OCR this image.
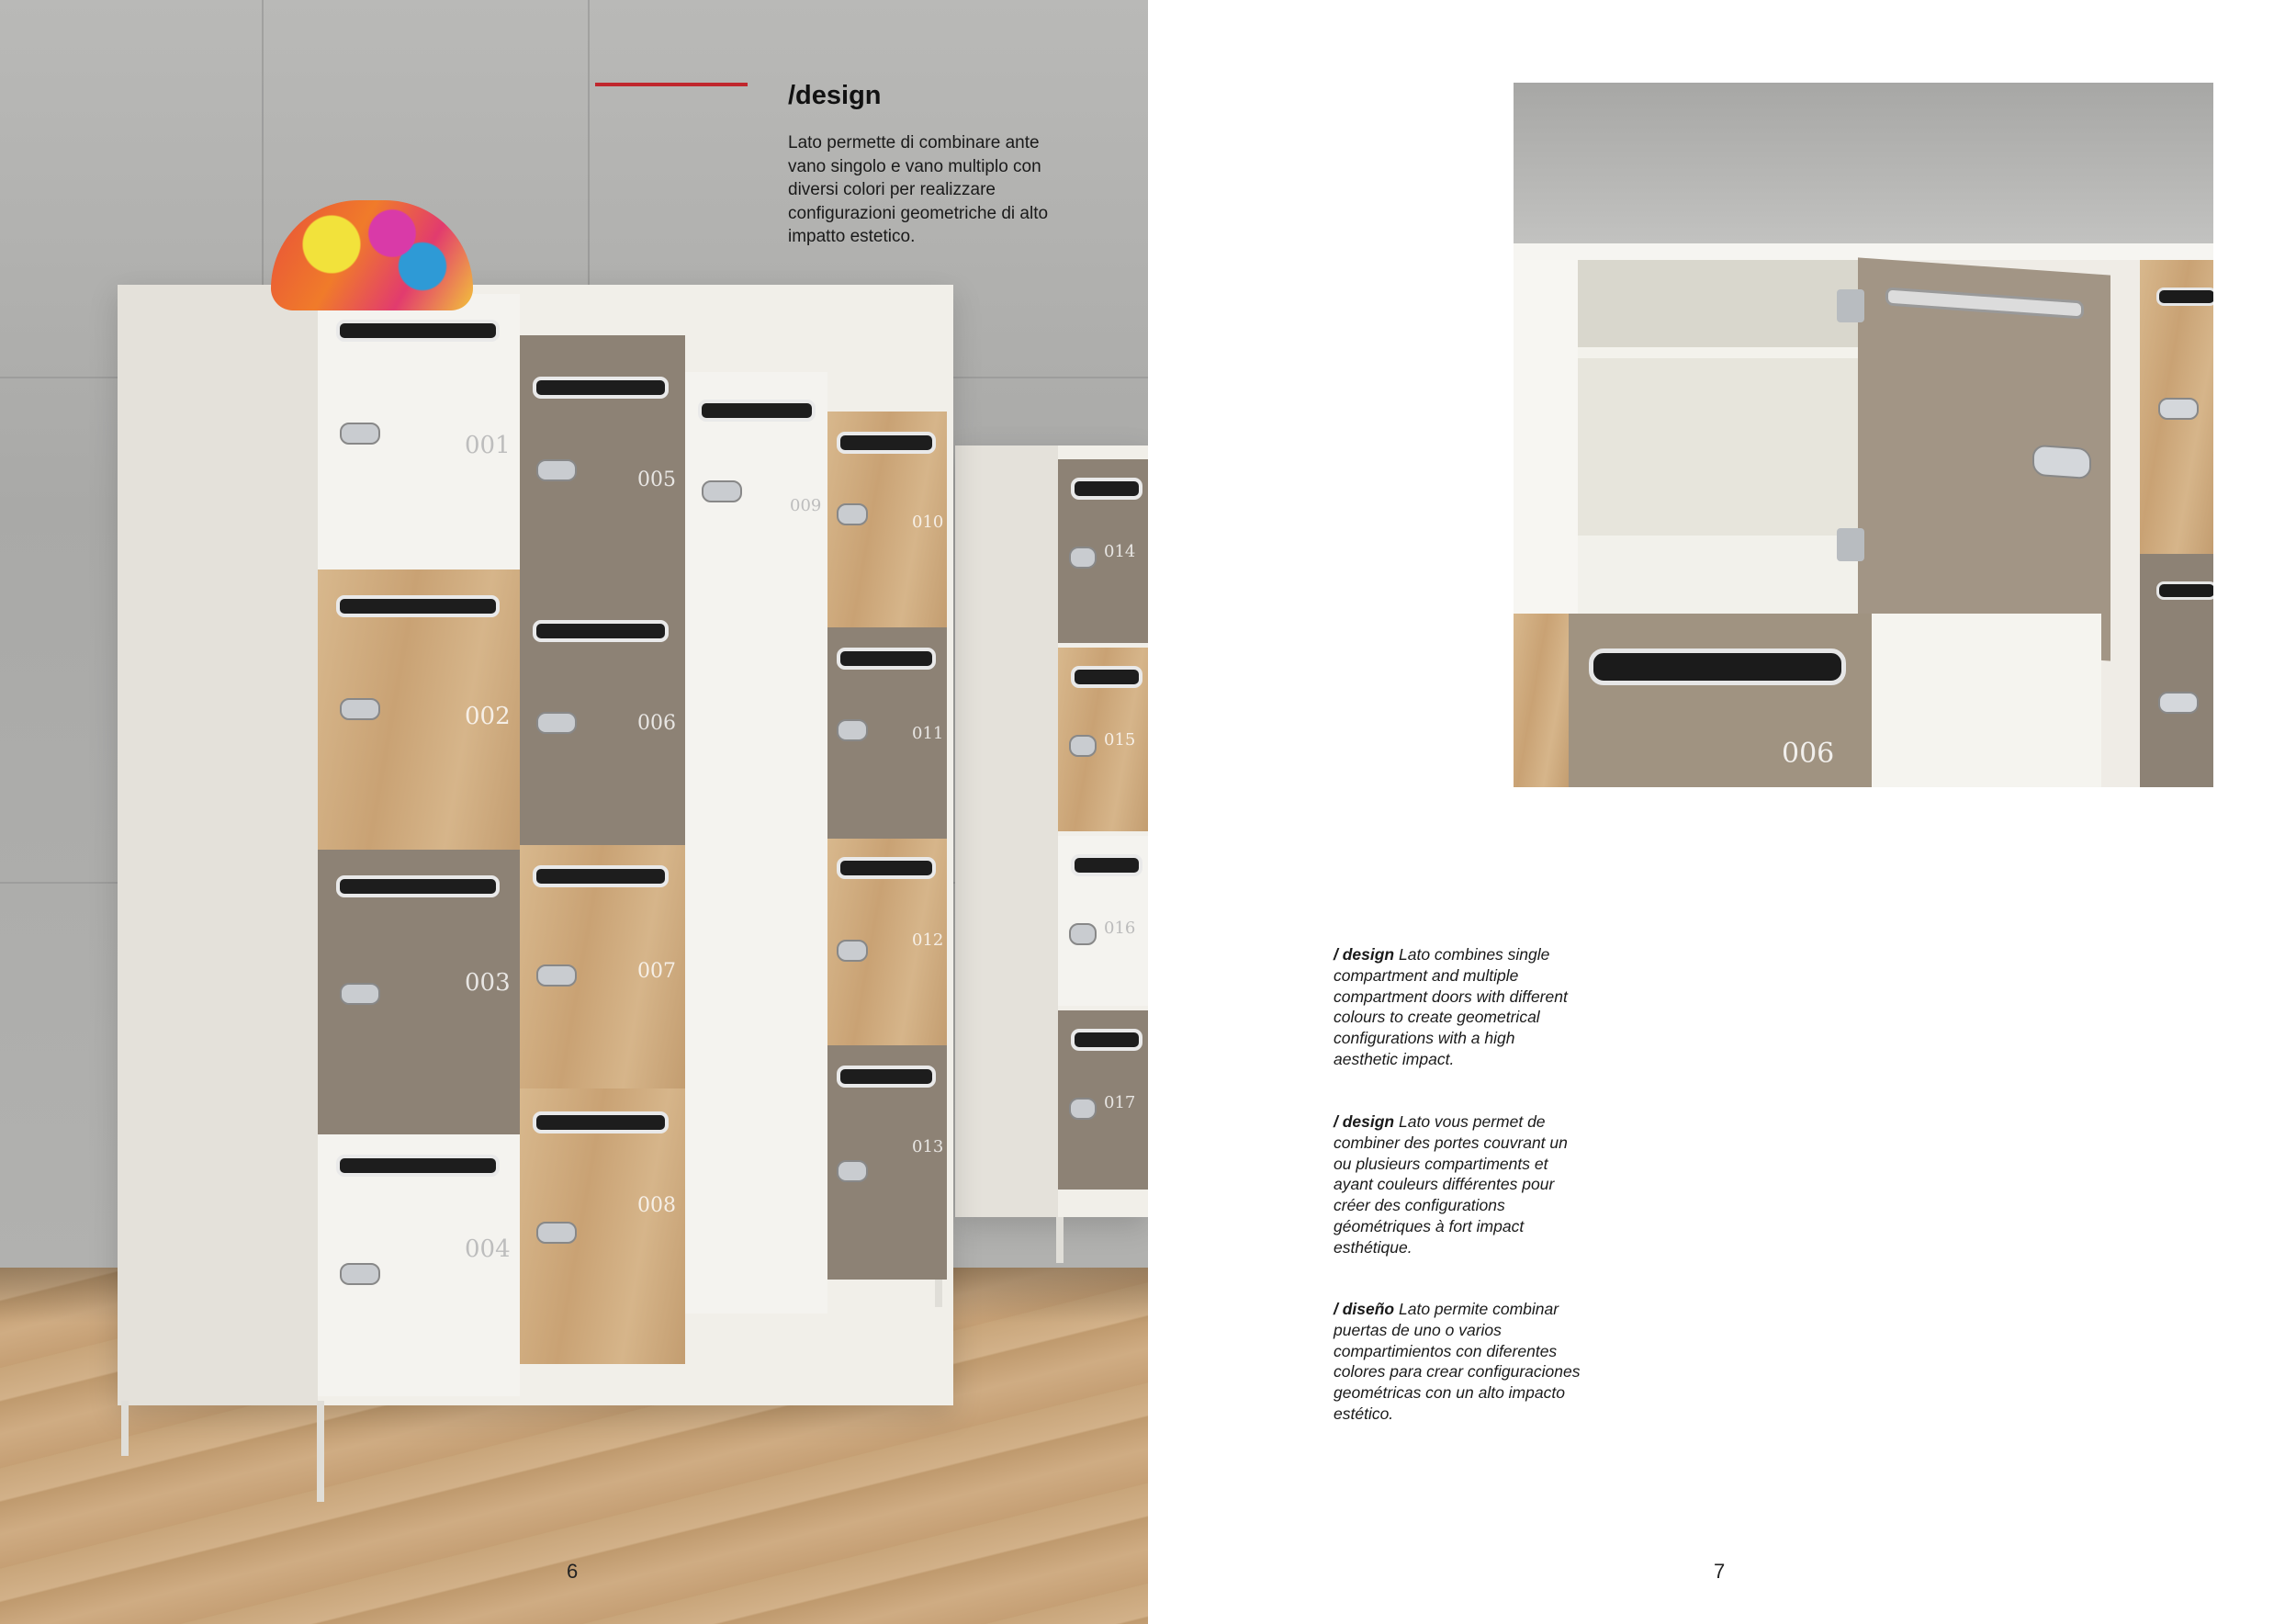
014
015
016
017
001
002
003
004
005
006
007
008
009
010
011
012
013
/design
Lato permette di combinare ante vano singolo e vano multiplo con diversi colori per realizzare configurazioni geometriche di alto impatto estetico.
006
/ design Lato combines single compartment and multiple compartment doors with different colours to create geometrical configurations with a high aesthetic impact.
/ design Lato vous permet de combiner des portes couvrant un ou plusieurs compartiments et ayant couleurs différentes pour créer des configurations géométriques à fort impact esthétique.
/ diseño Lato permite combinar puertas de uno o varios compartimientos con diferentes colores para crear configuraciones geométricas con un alto impacto estético.
6	7
